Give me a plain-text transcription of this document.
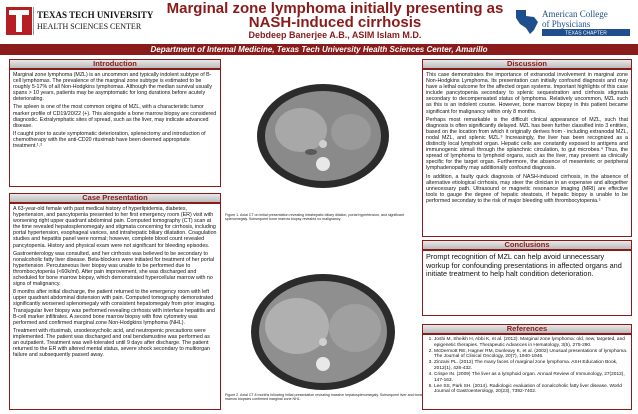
TEXAS TECH UNIVERSITY
HEALTH SCIENCES CENTER
Marginal zone lymphoma initially presenting as NASH-induced cirrhosis
Debdeep Banerjee A.B., ASIM Islam M.D.
American College
of Physicians
TEXAS CHAPTER
Department of Internal Medicine, Texas Tech University Health Sciences Center, Amarillo
Introduction

Marginal zone lymphoma (MZL) is an uncommon and typically indolent subtype of B-cell lymphomas. The prevalence of the marginal zone subtype is estimated to be roughly 5-17% of all Non-Hodgkins lymphomas. Although the median survival usually spans > 10 years, patients may be asymptomatic for long durations before acutely deteriorating.

The spleen is one of the most common origins of MZL, with a characteristic tumor marker profile of CD19/20/22 (+). This alongside a bone marrow biopsy are considered diagnostic. Extralymphatic sites of spread, such as the liver, may indicate advanced disease.

If caught prior to acute symptomatic deterioration, splenectomy and introduction of chemotherapy with the anti-CD20 rituximab have been deemed appropriate treatment.¹˒²

Case Presentation

A 63-year-old female with past medical history of hyperlipidemia, diabetes, hypertension, and pancytopenia presented to her first emergency room (ER) visit with worsening right upper quadrant abdominal pain. Computed tomography (CT) scan at the time revealed hepatosplenomegaly and stigmata concerning for cirrhosis, including portal hypertension, esophageal varices, and intrahepatic biliary dilatation. Coagulation studies and hepatitis panel were normal; however, complete blood count revealed pancytopenia. History and physical exam were not significant for bleeding episodes.

Gastroenterology was consulted, and her cirrhosis was believed to be secondary to nonalcoholic fatty liver disease. Beta-blockers were initiated for treatment of her portal hypertension. Percutaneous liver biopsy was unable to be performed due to thrombocytopenia (<60k/ml). After pain improvement, she was discharged and scheduled for bone marrow biopsy, which demonstrated hypercellular marrow with no signs of malignancy.

8 months after initial discharge, the patient returned to the emergency room with left upper quadrant abdominal distension with pain. Computed tomography demonstrated significantly worsened splenomegaly with consistent hepatomegaly from prior imaging. Transjugular liver biopsy was performed revealing cirrhosis with interface hepatitis and B-cell marker infiltrates. A second bone marrow biopsy with flow cytometry was performed and confirmed marginal zone Non-Hodgkins lymphoma (NHL).

Treatment with rituximab, ursodeoxycholic acid, and neutropenic precautions were implemented. The patient was discharged and oral bendamustine was performed as an outpatient. Treatment was well-tolerated until 9 days after discharge. The patient returned to the ER with altered mental status, severe shock secondary to multiorgan failure and subsequently passed away.

Figure 1. Axial CT on initial presentation revealing intrahepatic biliary dilation, portal hypertension, and significant splenomegaly. Subsequent bone marrow biopsy revealed no malignancy.
Figure 2. Axial CT 8 months following initial presentation revealing massive hepatosplenomegaly. Subsequent liver and bone marrow biopsies confirmed marginal zone NHL.
Discussion

This case demonstrates the importance of extranodal involvement in marginal zone Non-Hodgkins Lymphoma. Its presentation can initially confound diagnosis and may have a lethal outcome for the affected organ systems. Important highlights of this case include pancytopenia secondary to splenic sequestration and cirrhosis stigmata secondary to decompensated status of lymphoma. Relatively uncommon, MZL such as this is an indolent course. However, bone marrow biopsy in this patient became significant for malignancy within only 8 months.

Perhaps most remarkable is the difficult clinical appearance of MZL, such that diagnosis is often significantly delayed. MZL has been further classified into 3 entities, based on the location from which it originally derives from - including extranodal MZL, nodal MZL, and splenic MZL.³ Increasingly, the liver has been recognized as a distinctly local lymphoid organ. Hepatic cells are constantly exposed to antigens and immunogenic stimuli through the splanchnic circulation, to gut microbes.⁴ Thus, the spread of lymphoma to lymphoid organs, such as the liver, may present as clinically specific for the target organ. Furthermore, the absence of mesenteric or peripheral lymphadenopathy may additionally confound diagnosis.

In addition, a faulty quick diagnosis of NASH-induced cirrhosis, in the absence of alternative etiological cirrhosis, may steer the clinician in an expensive and altogether unnecessary path. Ultrasound or magnetic resonance imaging (MRI) are effective tools to gauge the degree of hepatic steatosis, if hepatic biopsy is unable to be performed secondary to the risk of major bleeding with thrombocytopenia.⁵

Conclusions

Prompt recognition of MZL can help avoid unnecessary workup for confounding presentations in affected organs and initiate treatment to help halt condition deterioration.

References
1. Joshi M, Sheikh H, Abbi K, et al. (2012). Marginal zone lymphoma: old, new, targeted, and epigenetic therapies. Therapeutic Advances in Hematology, 3(5), 275-290.
2. McDermott RE, Hagner RM, Dunleavy K, et al. (2002) Unusual presentations of lymphoma. The Journal of Clinical Oncology, 20(7), 1940-1946.
3. Zinzani PL. (2012) The many faces of marginal zone lymphoma. ASH Education Book, 2012(1), 426-432.
4. Crispe IN. (2009) The liver as a lymphoid organ. Annual Review of Immunology, 27(2012), 147-163.
5. Lee SS, Park SH. (2014). Radiologic evaluation of nonalcoholic fatty liver disease. World Journal of Gastroenterology, 20(23), 7392-7402.
